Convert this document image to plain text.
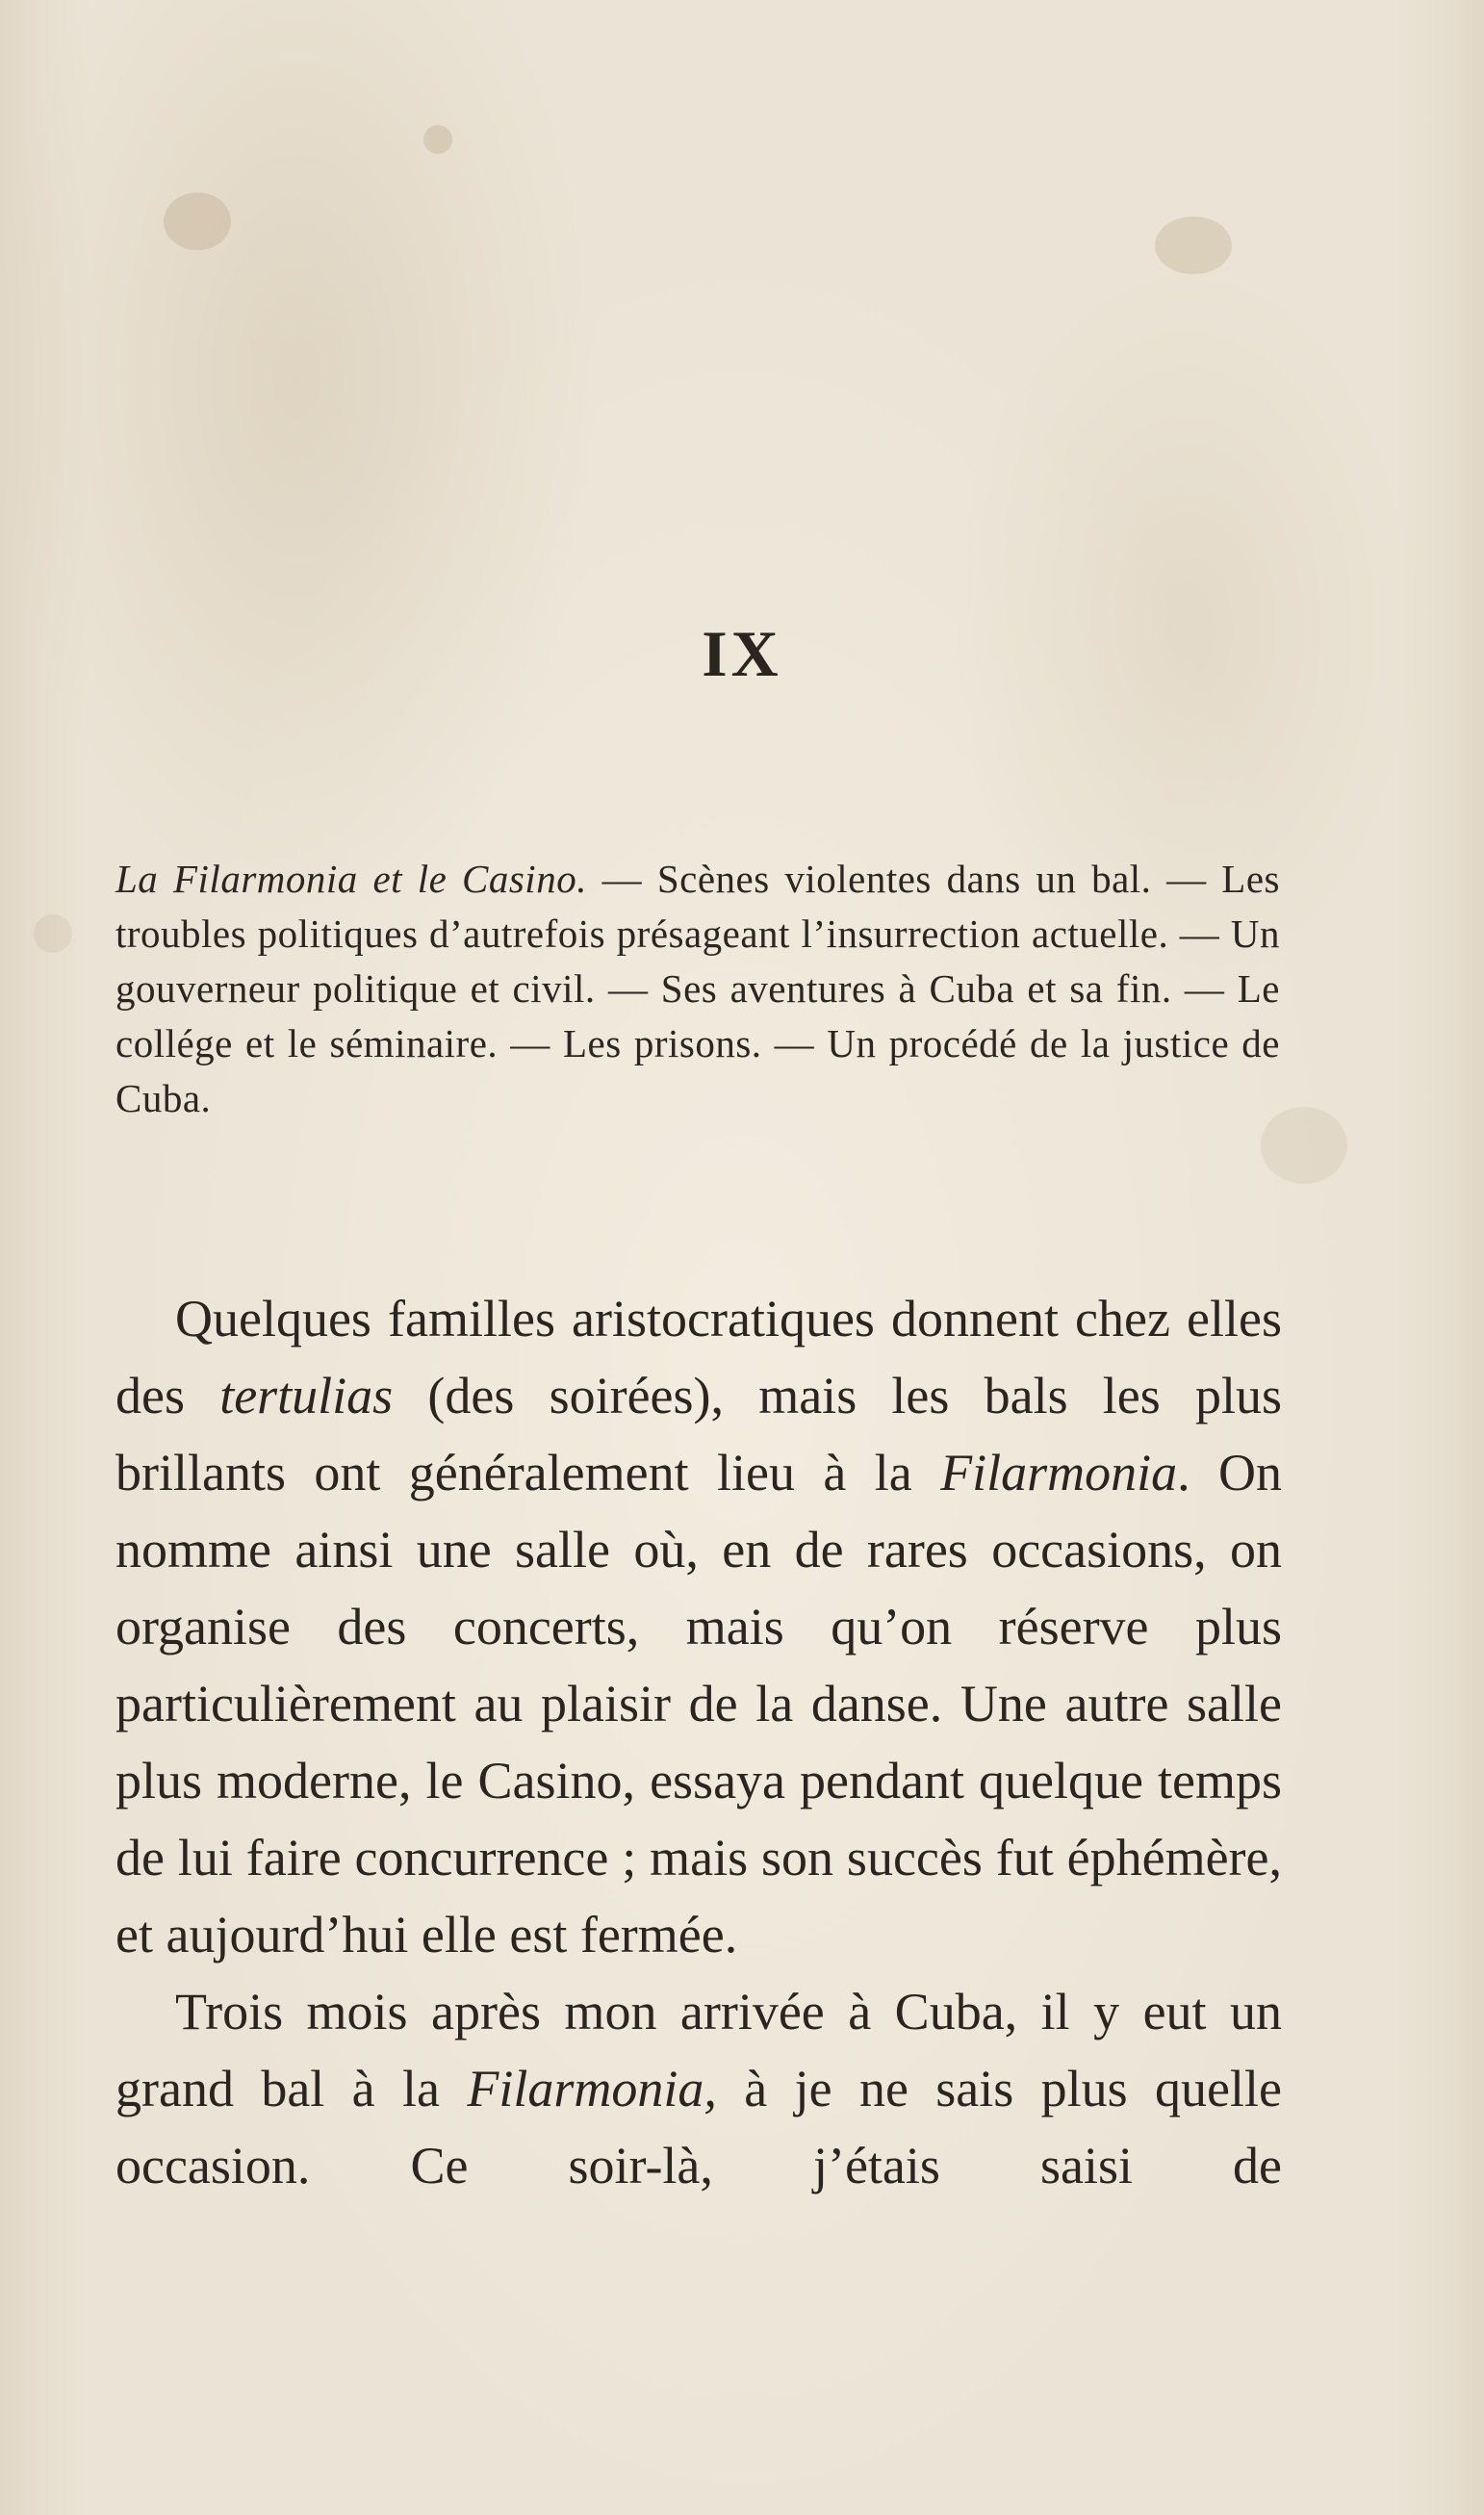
IX

La Filarmonia et le Casino. — Scènes violentes dans un bal. — Les troubles politiques d’autrefois présageant l’insurrection actuelle. — Un gouverneur politique et civil. — Ses aventures à Cuba et sa fin. — Le collége et le séminaire. — Les prisons. — Un procédé de la justice de Cuba.

Quelques familles aristocratiques donnent chez elles des tertulias (des soirées), mais les bals les plus brillants ont généralement lieu à la Filarmonia. On nomme ainsi une salle où, en de rares occasions, on organise des concerts, mais qu’on réserve plus particulièrement au plaisir de la danse. Une autre salle plus moderne, le Casino, essaya pendant quelque temps de lui faire concurrence ; mais son succès fut éphémère, et aujourd’hui elle est fermée.

Trois mois après mon arrivée à Cuba, il y eut un grand bal à la Filarmonia, à je ne sais plus quelle occasion. Ce soir-là, j’étais saisi de
